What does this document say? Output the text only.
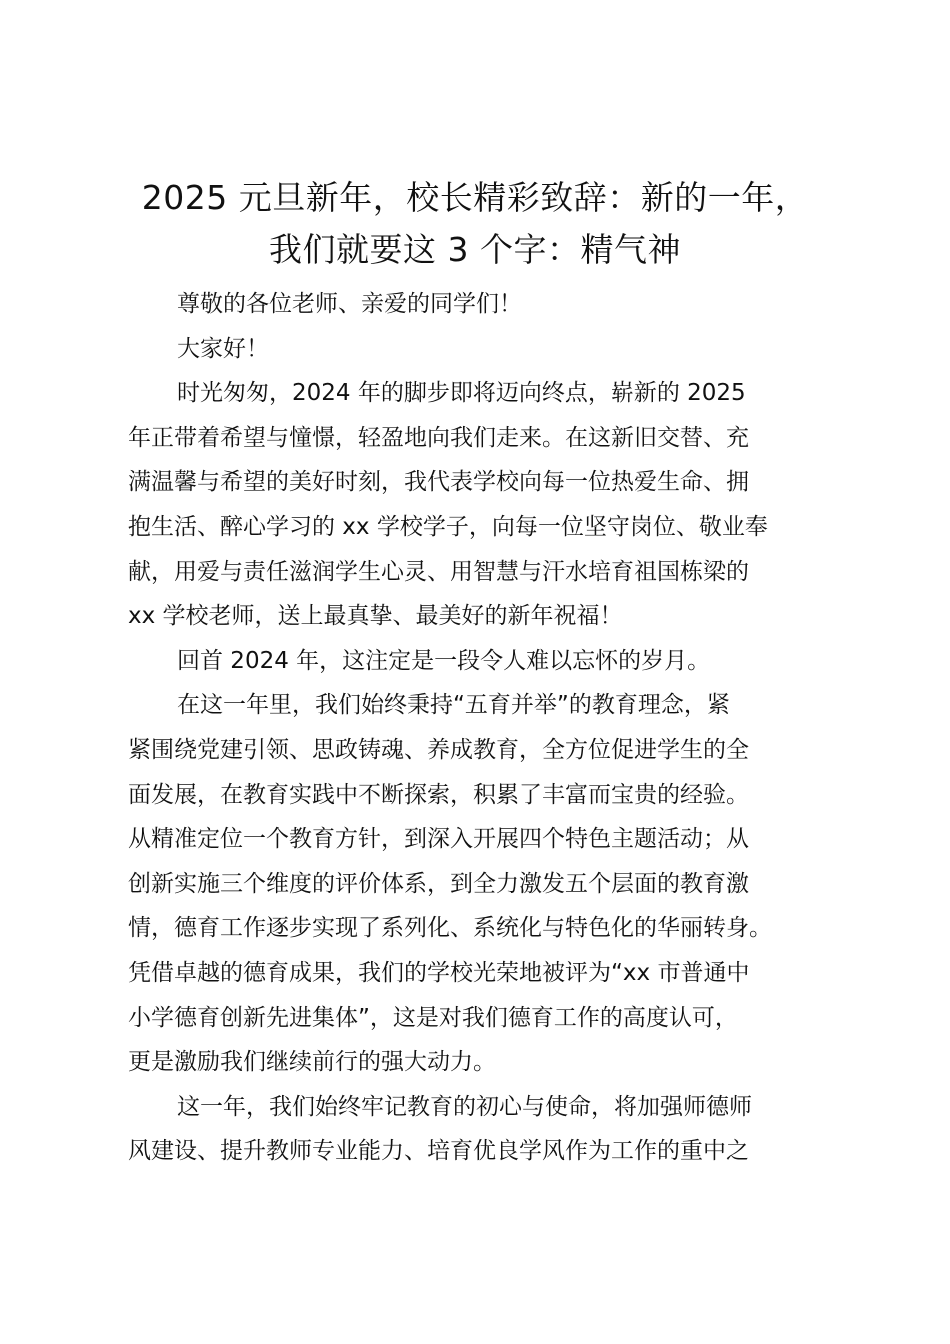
2025 元旦新年，校长精彩致辞：新的一年，
我们就要这 3 个字：精气神
尊敬的各位老师、亲爱的同学们！
大家好！
时光匆匆，2024 年的脚步即将迈向终点，崭新的 2025
年正带着希望与憧憬，轻盈地向我们走来。在这新旧交替、充
满温馨与希望的美好时刻，我代表学校向每一位热爱生命、拥
抱生活、醉心学习的 xx 学校学子，向每一位坚守岗位、敬业奉
献，用爱与责任滋润学生心灵、用智慧与汗水培育祖国栋梁的
xx 学校老师，送上最真挚、最美好的新年祝福！
回首 2024 年，这注定是一段令人难以忘怀的岁月。
在这一年里，我们始终秉持“五育并举”的教育理念，紧
紧围绕党建引领、思政铸魂、养成教育，全方位促进学生的全
面发展，在教育实践中不断探索，积累了丰富而宝贵的经验。
从精准定位一个教育方针，到深入开展四个特色主题活动；从
创新实施三个维度的评价体系，到全力激发五个层面的教育激
情，德育工作逐步实现了系列化、系统化与特色化的华丽转身。
凭借卓越的德育成果，我们的学校光荣地被评为“xx 市普通中
小学德育创新先进集体”，这是对我们德育工作的高度认可，
更是激励我们继续前行的强大动力。
这一年，我们始终牢记教育的初心与使命，将加强师德师
风建设、提升教师专业能力、培育优良学风作为工作的重中之
